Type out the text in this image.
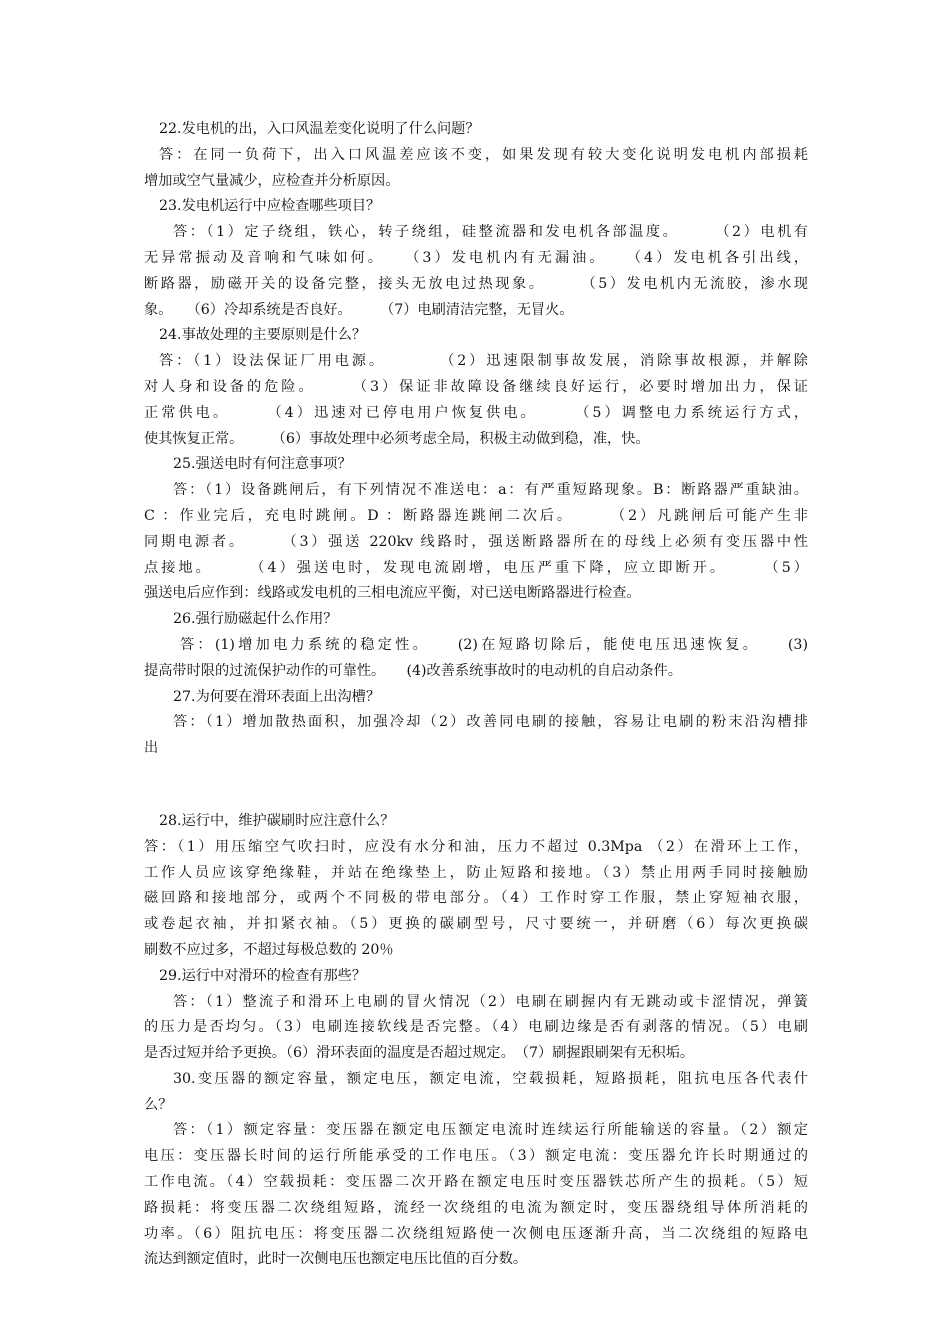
22.发电机的出，入口风温差变化说明了什么问题？
答：在同一负荷下，出入口风温差应该不变，如果发现有较大变化说明发电机内部损耗
增加或空气量减少，应检查并分析原因。
23.发电机运行中应检查哪些项目？
答：（1）定子绕组，铁心，转子绕组，硅整流器和发电机各部温度。　　　（2）电机有
无异常振动及音响和气味如何。　　（3）发电机内有无漏油。　　（4）发电机各引出线，
断路器，励磁开关的设备完整，接头无放电过热现象。　　　（5）发电机内无流胶，渗水现
象。　　（6）冷却系统是否良好。　　　（7）电刷清洁完整，无冒火。
24.事故处理的主要原则是什么？
答：（1）设法保证厂用电源。　　　　（2）迅速限制事故发展，消除事故根源，并解除
对人身和设备的危险。　　　（3）保证非故障设备继续良好运行，必要时增加出力，保证
正常供电。　　　（4）迅速对已停电用户恢复供电。　　　（5）调整电力系统运行方式，
使其恢复正常。　　　（6）事故处理中必须考虑全局，积极主动做到稳，准，快。
25.强送电时有何注意事项？
答：（1）设备跳闸后，有下列情况不准送电：a：有严重短路现象。B：断路器严重缺油。
C ：作业完后，充电时跳闸。D ：断路器连跳闸二次后。　　　（2）凡跳闸后可能产生非
同期电源者。　　　（3）强送 220kv 线路时，强送断路器所在的母线上必须有变压器中性
点接地。　　　（4）强送电时，发现电流剧增，电压严重下降，应立即断开。　　　（5）
强送电后应作到：线路或发电机的三相电流应平衡，对已送电断路器进行检查。
26.强行励磁起什么作用？
答：(1)增加电力系统的稳定性。　　(2)在短路切除后，能使电压迅速恢复。　　(3)
提高带时限的过流保护动作的可靠性。　　(4)改善系统事故时的电动机的自启动条件。
27.为何要在滑环表面上出沟槽？
答：（1）增加散热面积，加强冷却（2）改善同电刷的接触，容易让电刷的粉末沿沟槽排
出
28.运行中，维护碳刷时应注意什么？
答：（1）用压缩空气吹扫时，应没有水分和油，压力不超过 0.3Mpa （2）在滑环上工作，
工作人员应该穿绝缘鞋，并站在绝缘垫上，防止短路和接地。（3）禁止用两手同时接触励
磁回路和接地部分，或两个不同极的带电部分。（4）工作时穿工作服，禁止穿短袖衣服，
或卷起衣袖，并扣紧衣袖。（5）更换的碳刷型号，尺寸要统一，并研磨（6）每次更换碳
刷数不应过多，不超过每极总数的 20％
29.运行中对滑环的检查有那些？
答：（1）整流子和滑环上电刷的冒火情况（2）电刷在刷握内有无跳动或卡涩情况，弹簧
的压力是否均匀。（3）电刷连接软线是否完整。（4）电刷边缘是否有剥落的情况。（5）电刷
是否过短并给予更换。（6）滑环表面的温度是否超过规定。　（7）刷握跟刷架有无积垢。
30.变压器的额定容量，额定电压，额定电流，空载损耗，短路损耗，阻抗电压各代表什
么？
答：（1）额定容量：变压器在额定电压额定电流时连续运行所能输送的容量。（2）额定
电压：变压器长时间的运行所能承受的工作电压。（3）额定电流：变压器允许长时期通过的
工作电流。（4）空载损耗：变压器二次开路在额定电压时变压器铁芯所产生的损耗。（5）短
路损耗：将变压器二次绕组短路，流经一次绕组的电流为额定时，变压器绕组导体所消耗的
功率。（6）阻抗电压：将变压器二次绕组短路使一次侧电压逐渐升高，当二次绕组的短路电
流达到额定值时，此时一次侧电压也额定电压比值的百分数。
